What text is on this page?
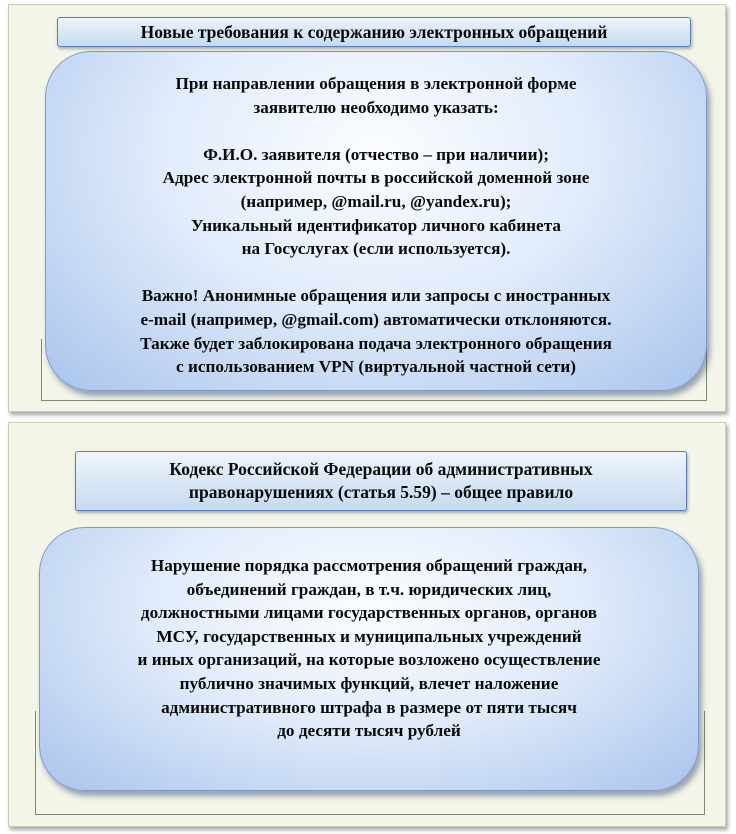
Новые требования к содержанию электронных обращений
При направлении обращения в электронной форме
заявителю необходимо указать:
Ф.И.О. заявителя (отчество – при наличии);
Адрес электронной почты в российской доменной зоне
(например, @mail.ru, @yandex.ru);
Уникальный идентификатор личного кабинета
на Госуслугах (если используется).
Важно! Анонимные обращения или запросы с иностранных
e-mail (например, @gmail.com) автоматически отклоняются.
Также будет заблокирована подача электронного обращения
с использованием VPN (виртуальной частной сети)
Кодекс Российской Федерации об административных
правонарушениях (статья 5.59) – общее правило
Нарушение порядка рассмотрения обращений граждан,
объединений граждан, в т.ч. юридических лиц,
должностными лицами государственных органов, органов
МСУ, государственных и муниципальных учреждений
и иных организаций, на которые возложено осуществление
публично значимых функций, влечет наложение
административного штрафа в размере от пяти тысяч
до десяти тысяч рублей
